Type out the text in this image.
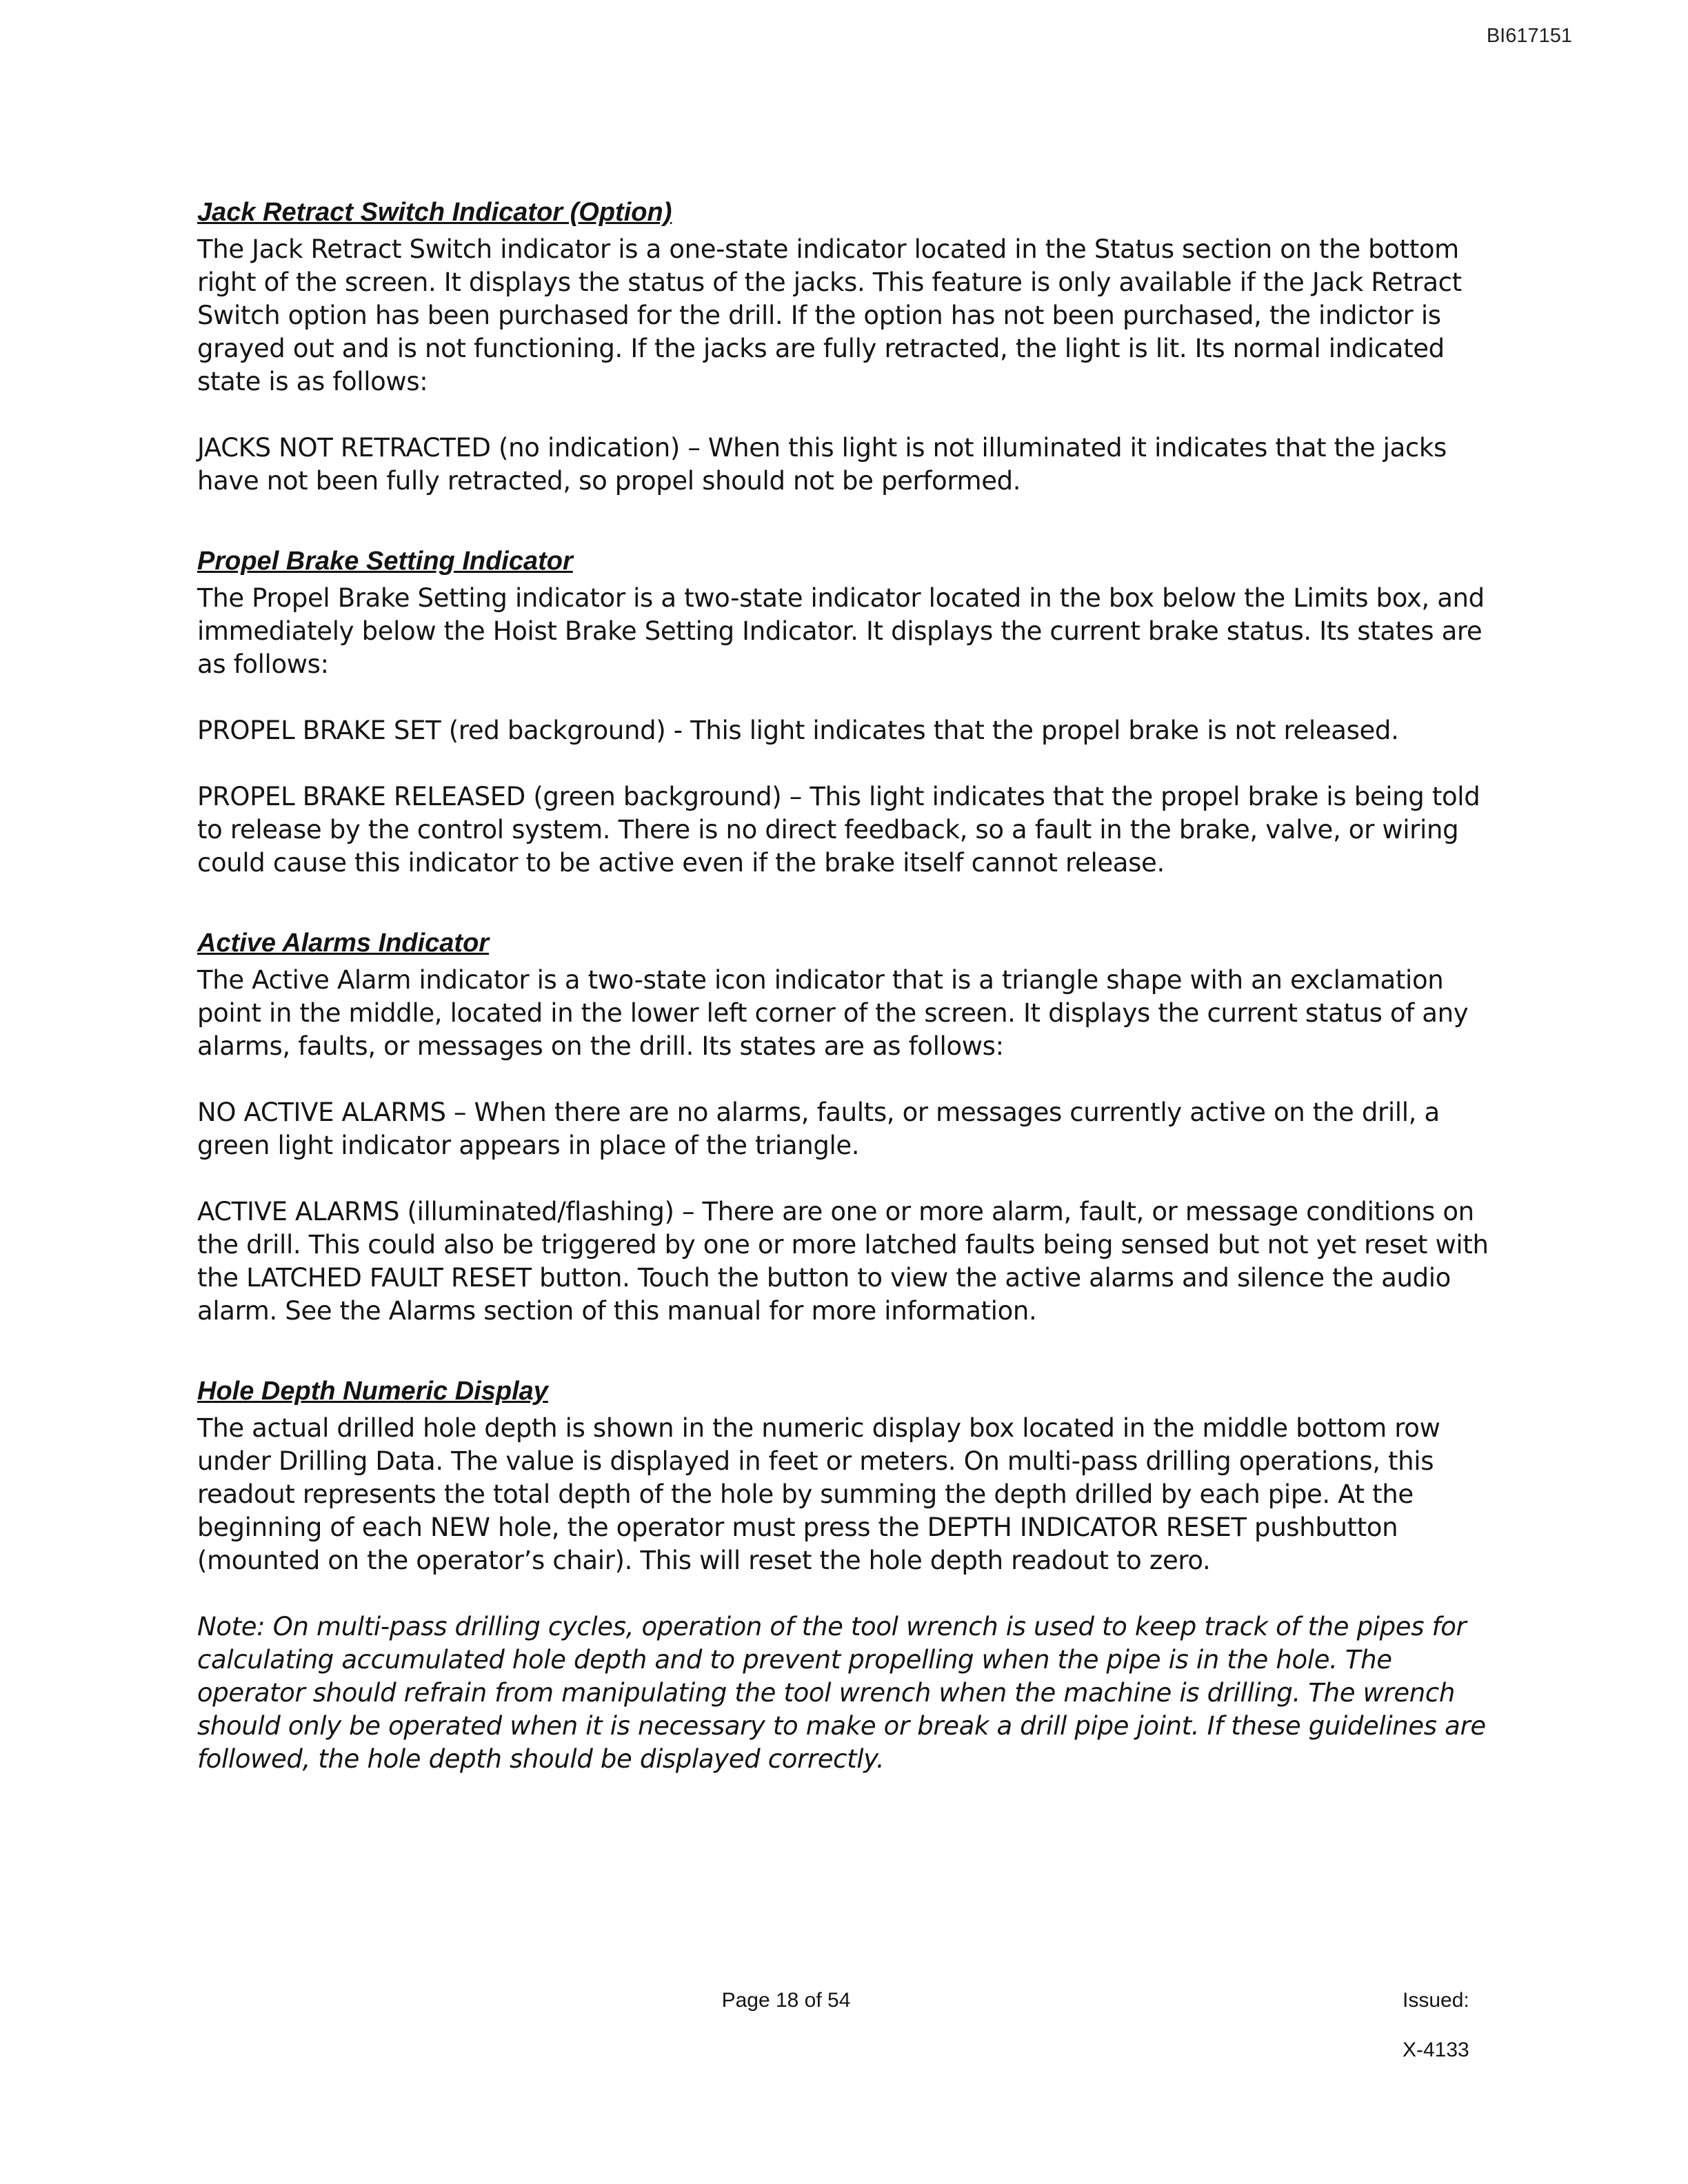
BI617151
Jack Retract Switch Indicator (Option)
The Jack Retract Switch indicator is a one-state indicator located in the Status section on the bottom right of the screen. It displays the status of the jacks. This feature is only available if the Jack Retract Switch option has been purchased for the drill. If the option has not been purchased, the indictor is grayed out and is not functioning. If the jacks are fully retracted, the light is lit. Its normal indicated state is as follows:
JACKS NOT RETRACTED (no indication) – When this light is not illuminated it indicates that the jacks have not been fully retracted, so propel should not be performed.
Propel Brake Setting Indicator
The Propel Brake Setting indicator is a two-state indicator located in the box below the Limits box, and immediately below the Hoist Brake Setting Indicator. It displays the current brake status. Its states are as follows:
PROPEL BRAKE SET (red background) - This light indicates that the propel brake is not released.
PROPEL BRAKE RELEASED (green background) – This light indicates that the propel brake is being told to release by the control system. There is no direct feedback, so a fault in the brake, valve, or wiring could cause this indicator to be active even if the brake itself cannot release.
Active Alarms Indicator
The Active Alarm indicator is a two-state icon indicator that is a triangle shape with an exclamation point in the middle, located in the lower left corner of the screen. It displays the current status of any alarms, faults, or messages on the drill. Its states are as follows:
NO ACTIVE ALARMS – When there are no alarms, faults, or messages currently active on the drill, a green light indicator appears in place of the triangle.
ACTIVE ALARMS (illuminated/flashing) – There are one or more alarm, fault, or message conditions on the drill. This could also be triggered by one or more latched faults being sensed but not yet reset with the LATCHED FAULT RESET button. Touch the button to view the active alarms and silence the audio alarm. See the Alarms section of this manual for more information.
Hole Depth Numeric Display
The actual drilled hole depth is shown in the numeric display box located in the middle bottom row under Drilling Data. The value is displayed in feet or meters. On multi-pass drilling operations, this readout represents the total depth of the hole by summing the depth drilled by each pipe. At the beginning of each NEW hole, the operator must press the DEPTH INDICATOR RESET pushbutton (mounted on the operator’s chair). This will reset the hole depth readout to zero.
Note: On multi-pass drilling cycles, operation of the tool wrench is used to keep track of the pipes for calculating accumulated hole depth and to prevent propelling when the pipe is in the hole. The operator should refrain from manipulating the tool wrench when the machine is drilling. The wrench should only be operated when it is necessary to make or break a drill pipe joint. If these guidelines are followed, the hole depth should be displayed correctly.
Page 18 of 54	Issued:
X-4133
